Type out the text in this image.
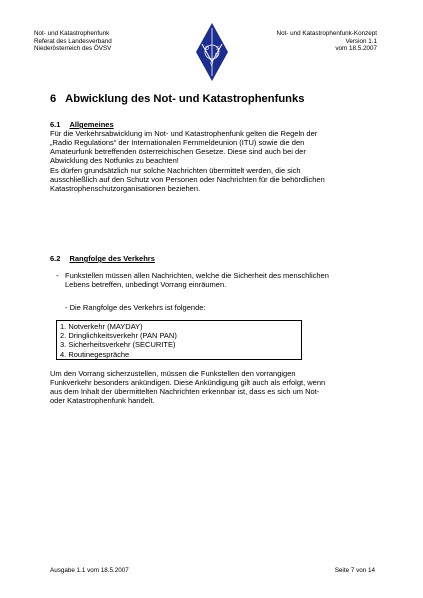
Not- und Katastrophenfunk
Referat des Landesverband
Niederösterreich des ÖVSV	Ö
V
S
V
Not- und Katastrophenfunk-Konzept
Version 1.1
vom 18.5.2007
6 Abwicklung des Not- und Katastrophenfunks
6.1 Allgemeines

Für die Verkehrsabwicklung im Not- und Katastrophenfunk gelten die Regeln der

„Radio Regulations“ der Internationalen Fernmeldeunion (ITU) sowie die den

Amateurfunk betreffenden österreichischen Gesetze. Diese sind auch bei der

Abwicklung des Notfunks zu beachten!

Es dürfen grundsätzlich nur solche Nachrichten übermittelt werden, die sich

ausschließlich auf den Schutz von Personen oder Nachrichten für die behördlichen

Katastrophenschutzorganisationen beziehen.

6.2 Rangfolge des Verkehrs
- Funkstellen müssen allen Nachrichten, welche die Sicherheit des menschlichen
Lebens betreffen, unbedingt Vorrang einräumen.
- Die Rangfolge des Verkehrs ist folgende:
1. Notverkehr (MAYDAY)
2. Dringlichkeitsverkehr (PAN PAN)
3. Sicherheitsverkehr (SECURITE)
4. Routinegespräche

Um den Vorrang sicherzustellen, müssen die Funkstellen den vorrangigen

Funkverkehr besonders ankündigen. Diese Ankündigung gilt auch als erfolgt, wenn

aus dem Inhalt der übermittelten Nachrichten erkennbar ist, dass es sich um Not-

oder Katastrophenfunk handelt.

Ausgabe 1.1 vom 18.5.2007	Seite 7 von 14
